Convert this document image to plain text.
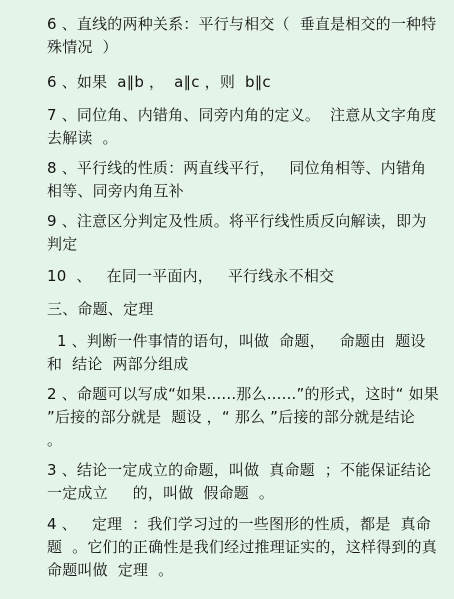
6 、直线的两种关系：平行与相交（  垂直是相交的一种特殊情况  ）
6 、如果  a∥b ，  a∥c ，则  b∥c
7 、同位角、内错角、同旁内角的定义。  注意从文字角度去解读  。
8 、平行线的性质：两直线平行，   同位角相等、内错角相等、同旁内角互补
9 、注意区分判定及性质。将平行线性质反向解读，即为判定
10  、   在同一平面内，   平行线永不相交
三、命题、定理
1 、判断一件事情的语句，叫做  命题，   命题由  题设  和  结论  两部分组成
2 、命题可以写成“如果......那么......”的形式，这时“ 如果 ”后接的部分就是  题设 ，“ 那么 ”后接的部分就是结论  。
3 、结论一定成立的命题，叫做  真命题  ；不能保证结论一定成立     的，叫做  假命题  。
4 、   定理  ：我们学习过的一些图形的性质，都是  真命题  。它们的正确性是我们经过推理证实的，这样得到的真命题叫做  定理  。
